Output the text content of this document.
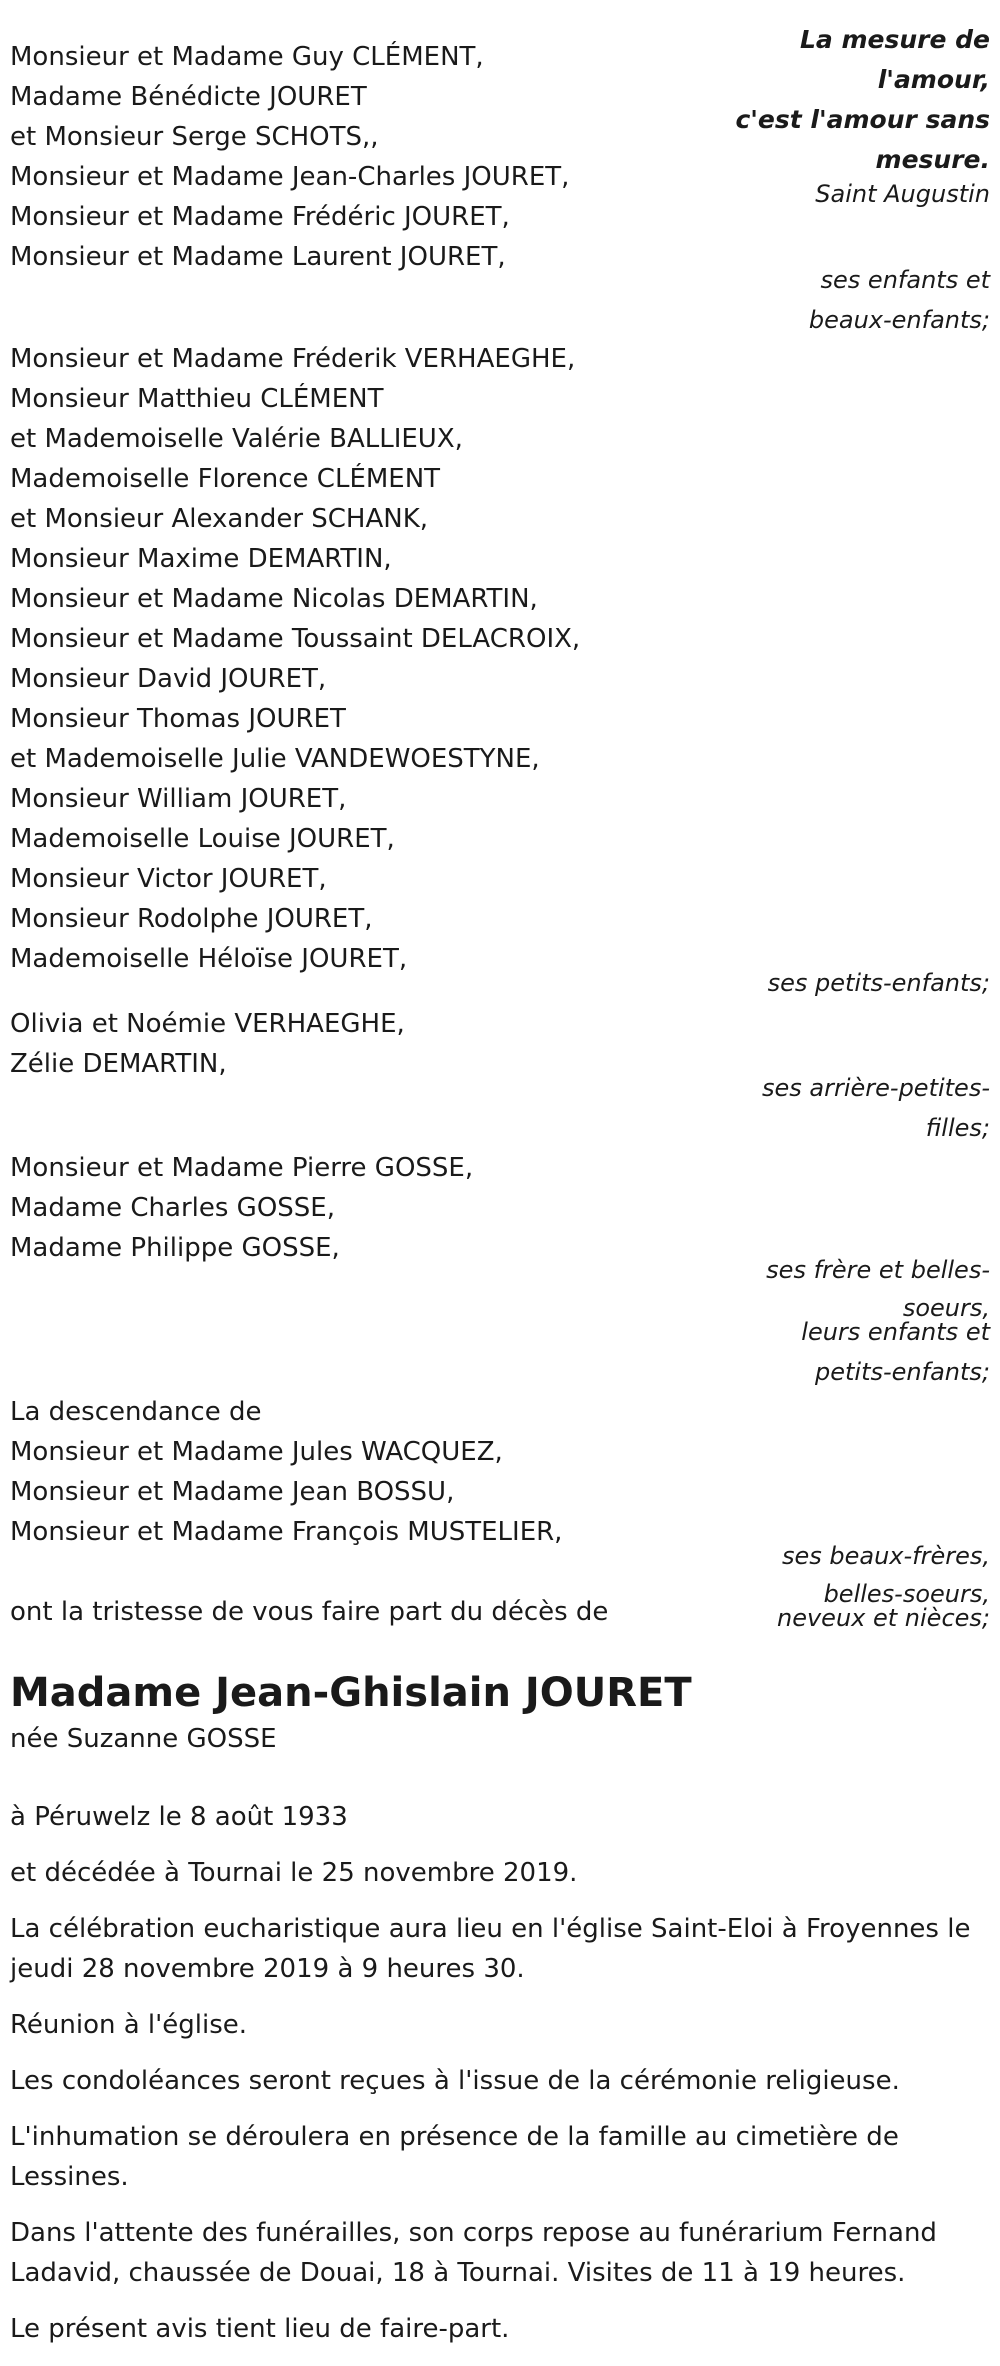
La mesure de
l'amour,
c'est l'amour sans
mesure.
Saint Augustin
Monsieur et Madame Guy CLÉMENT,
Madame Bénédicte JOURET
et Monsieur Serge SCHOTS,,
Monsieur et Madame Jean-Charles JOURET,
Monsieur et Madame Frédéric JOURET,
Monsieur et Madame Laurent JOURET,
ses enfants et
beaux-enfants;
Monsieur et Madame Fréderik VERHAEGHE,
Monsieur Matthieu CLÉMENT
et Mademoiselle Valérie BALLIEUX,
Mademoiselle Florence CLÉMENT
et Monsieur Alexander SCHANK,
Monsieur Maxime DEMARTIN,
Monsieur et Madame Nicolas DEMARTIN,
Monsieur et Madame Toussaint DELACROIX,
Monsieur David JOURET,
Monsieur Thomas JOURET
et Mademoiselle Julie VANDEWOESTYNE,
Monsieur William JOURET,
Mademoiselle Louise JOURET,
Monsieur Victor JOURET,
Monsieur Rodolphe JOURET,
Mademoiselle Héloïse JOURET,
ses petits-enfants;
Olivia et Noémie VERHAEGHE,
Zélie DEMARTIN,
ses arrière-petites-
filles;
Monsieur et Madame Pierre GOSSE,
Madame Charles GOSSE,
Madame Philippe GOSSE,
ses frère et belles-
soeurs,
leurs enfants et
petits-enfants;
La descendance de
Monsieur et Madame Jules WACQUEZ,
Monsieur et Madame Jean BOSSU,
Monsieur et Madame François MUSTELIER,
ses beaux-frères,
belles-soeurs,
neveux et nièces;
ont la tristesse de vous faire part du décès de
Madame Jean-Ghislain JOURET
née Suzanne GOSSE
à Péruwelz le 8 août 1933
et décédée à Tournai le 25 novembre 2019.
La célébration eucharistique aura lieu en l'église Saint-Eloi à Froyennes le jeudi 28 novembre 2019 à 9 heures 30.
Réunion à l'église.
Les condoléances seront reçues à l'issue de la cérémonie religieuse.
L'inhumation se déroulera en présence de la famille au cimetière de Lessines.
Dans l'attente des funérailles, son corps repose au funérarium Fernand Ladavid, chaussée de Douai, 18 à Tournai. Visites de 11 à 19 heures.
Le présent avis tient lieu de faire-part.
